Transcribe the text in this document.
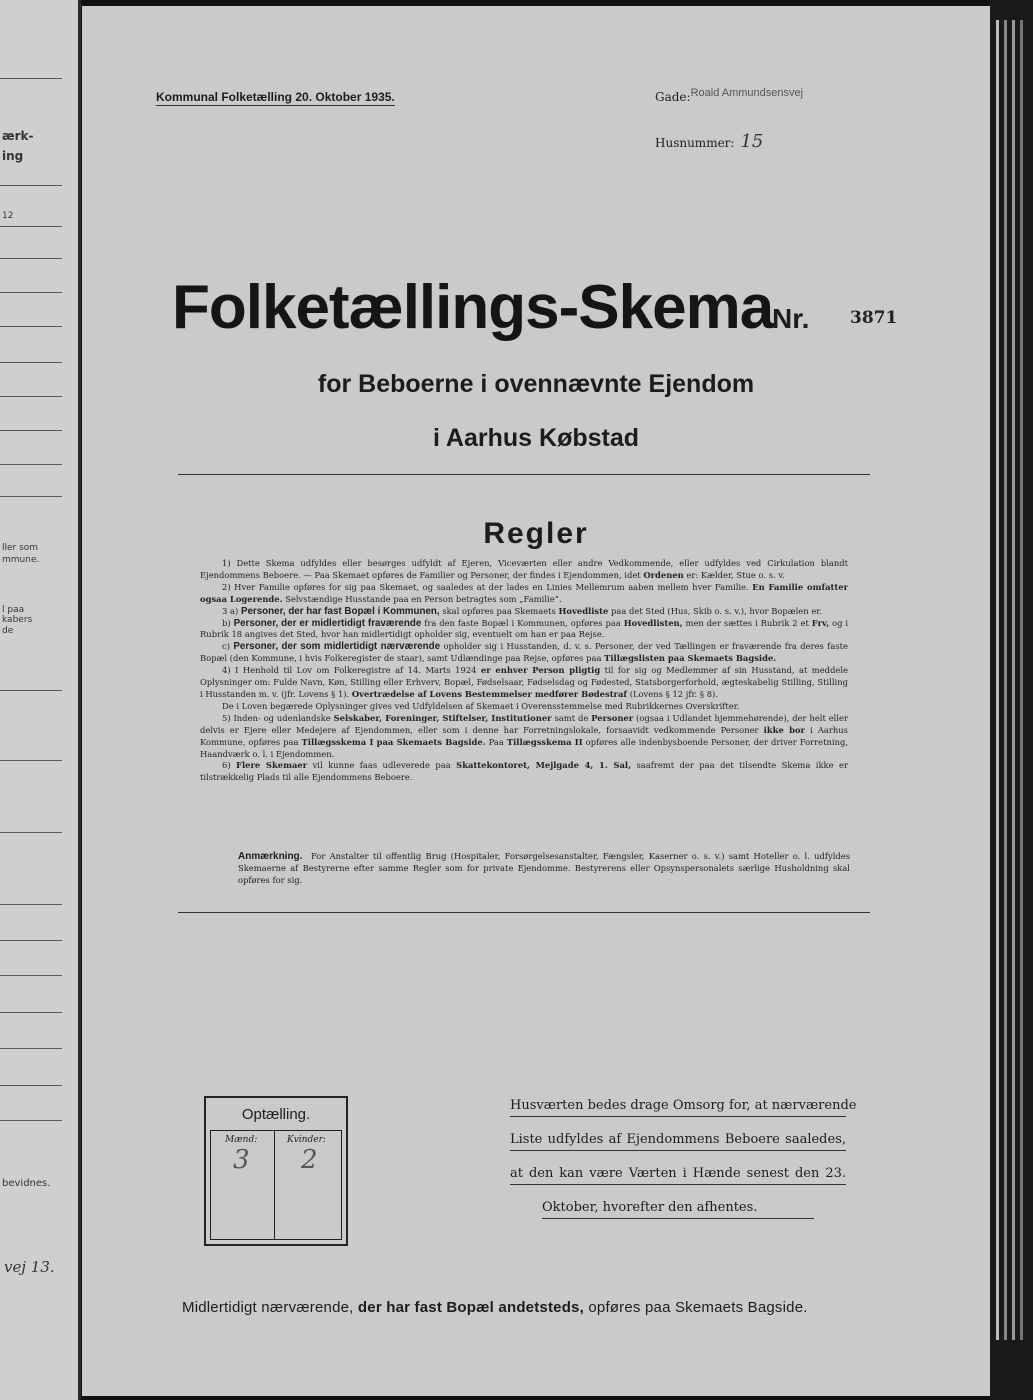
ærk-
ing
12
ller som
mmune.
l paa
kabers
de
bevidnes.
vej 13.
Kommunal Folketælling 20. Oktober 1935.	Gade:Roald Ammundsensvej
Husnummer: 15
Folketællings-Skema
Nr. 3871
for Beboerne i ovennævnte Ejendom
i Aarhus Købstad
Regler

1) Dette Skema udfyldes eller besørges udfyldt af Ejeren, Viceværten eller andre Vedkommende, eller udfyldes ved Cirkulation blandt Ejendommens Beboere. — Paa Skemaet opføres de Familier og Personer, der findes i Ejendommen, idet Ordenen er: Kælder, Stue o. s. v.

2) Hver Familie opføres for sig paa Skemaet, og saaledes at der lades en Linies Mellemrum aaben mellem hver Familie. En Familie omfatter ogsaa Logerende. Selvstændige Husstande paa en Person betragtes som „Familie“.

3 a) Personer, der har fast Bopæl i Kommunen, skal opføres paa Skemaets Hovedliste paa det Sted (Hus, Skib o. s. v.), hvor Bopælen er.

b) Personer, der er midlertidigt fraværende fra den faste Bopæl i Kommunen, opføres paa Hovedlisten, men der sættes i Rubrik 2 et Frv, og i Rubrik 18 angives det Sted, hvor han midlertidigt opholder sig, eventuelt om han er paa Rejse.

c) Personer, der som midlertidigt nærværende opholder sig i Husstanden, d. v. s. Personer, der ved Tællingen er fraværende fra deres faste Bopæl (den Kommune, i hvis Folkeregister de staar), samt Udlændinge paa Rejse, opføres paa Tillægslisten paa Skemaets Bagside.

4) I Henhold til Lov om Folkeregistre af 14. Marts 1924 er enhver Person pligtig til for sig og Medlemmer af sin Husstand, at meddele Oplysninger om: Fulde Navn, Køn, Stilling eller Erhverv, Bopæl, Fødselsaar, Fødselsdag og Fødested, Statsborgerforhold, ægteskabelig Stilling, Stilling i Husstanden m. v. (jfr. Lovens § 1). Overtrædelse af Lovens Bestemmelser medfører Bødestraf (Lovens § 12 jfr. § 8).

De i Loven begærede Oplysninger gives ved Udfyldelsen af Skemaet i Overensstemmelse med Rubrikkernes Overskrifter.

5) Inden- og udenlandske Selskaber, Foreninger, Stiftelser, Institutioner samt de Personer (ogsaa i Udlandet hjemmehørende), der helt eller delvis er Ejere eller Medejere af Ejendommen, eller som i denne har Forretningslokale, forsaavidt vedkommende Personer ikke bor i Aarhus Kommune, opføres paa Tillægsskema I paa Skemaets Bagside. Paa Tillægsskema II opføres alle indenbysboende Personer, der driver Forretning, Haandværk o. l. i Ejendommen.

6) Flere Skemaer vil kunne faas udleverede paa Skattekontoret, Mejlgade 4, 1. Sal, saafremt der paa det tilsendte Skema ikke er tilstrækkelig Plads til alle Ejendommens Beboere.

Anmærkning. For Anstalter til offentlig Brug (Hospitaler, Forsørgelsesanstalter, Fængsler, Kaserner o. s. v.) samt Hoteller o. l. udfyldes Skemaerne af Bestyrerne efter samme Regler som for private Ejendomme. Bestyrerens eller Opsynspersonalets særlige Husholdning skal opføres for sig.
Optælling.
Mænd:	Kvinder:
3 2
Husværten bedes drage Omsorg for, at nærværende
Liste udfyldes af Ejendommens Beboere saaledes,
at den kan være Værten i Hænde senest den 23.
Oktober, hvorefter den afhentes.
Midlertidigt nærværende, der har fast Bopæl andetsteds, opføres paa Skemaets Bagside.
